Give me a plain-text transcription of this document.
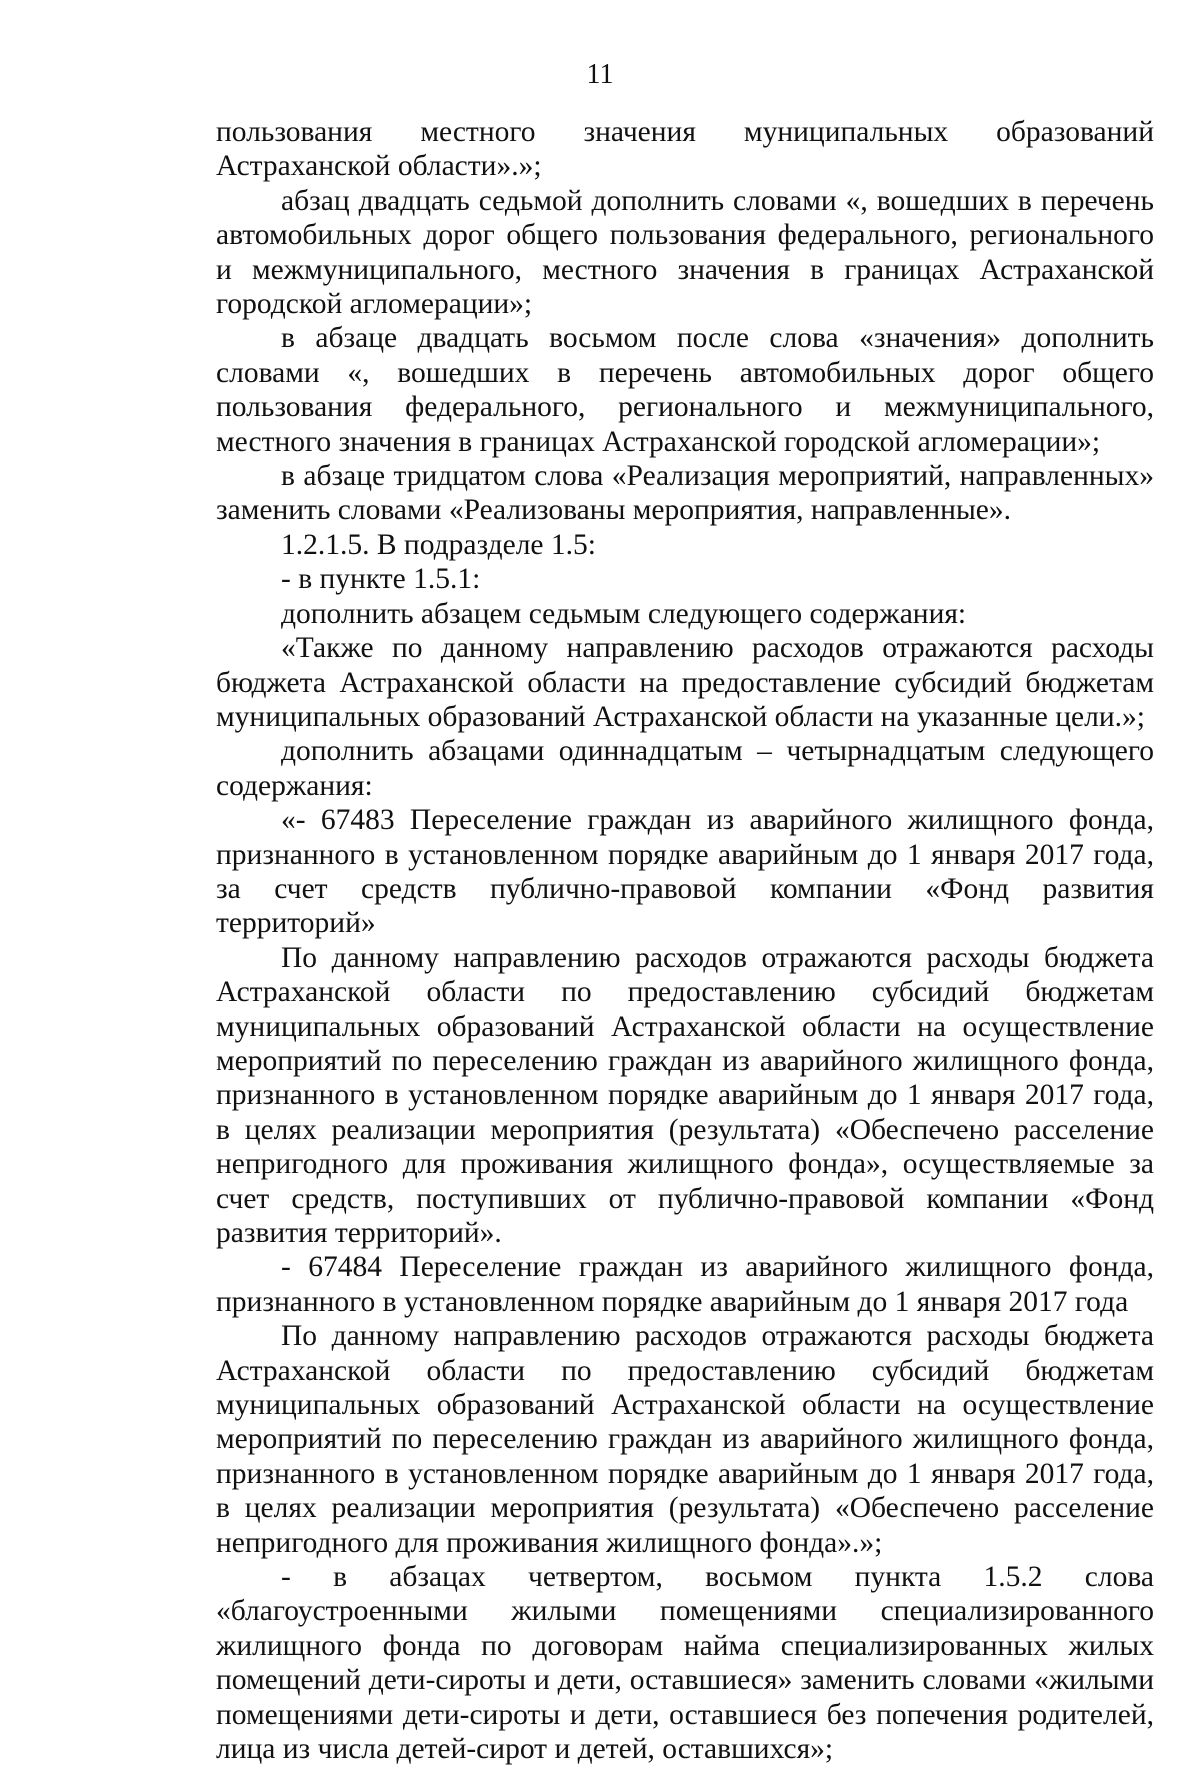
11

пользования местного значения муниципальных образований Астраханской области».»;

абзац двадцать седьмой дополнить словами «, вошедших в перечень автомобильных дорог общего пользования федерального, регионального и межмуниципального, местного значения в границах Астраханской городской агломерации»;

в абзаце двадцать восьмом после слова «значения» дополнить словами «, вошедших в перечень автомобильных дорог общего пользования федерального, регионального и межмуниципального, местного значения в границах Астраханской городской агломерации»;

в абзаце тридцатом слова «Реализация мероприятий, направленных» заменить словами «Реализованы мероприятия, направленные».

1.2.1.5. В подразделе 1.5:

- в пункте 1.5.1:

дополнить абзацем седьмым следующего содержания:

«Также по данному направлению расходов отражаются расходы бюджета Астраханской области на предоставление субсидий бюджетам муниципальных образований Астраханской области на указанные цели.»;

дополнить абзацами одиннадцатым – четырнадцатым следующего содержания:

«- 67483 Переселение граждан из аварийного жилищного фонда, признанного в установленном порядке аварийным до 1 января 2017 года, за счет средств публично-правовой компании «Фонд развития территорий»

По данному направлению расходов отражаются расходы бюджета Астраханской области по предоставлению субсидий бюджетам муниципальных образований Астраханской области на осуществление мероприятий по переселению граждан из аварийного жилищного фонда, признанного в установленном порядке аварийным до 1 января 2017 года, в целях реализации мероприятия (результата) «Обеспечено расселение непригодного для проживания жилищного фонда», осуществляемые за счет средств, поступивших от публично-правовой компании «Фонд развития территорий».

- 67484 Переселение граждан из аварийного жилищного фонда, признанного в установленном порядке аварийным до 1 января 2017 года

По данному направлению расходов отражаются расходы бюджета Астраханской области по предоставлению субсидий бюджетам муниципальных образований Астраханской области на осуществление мероприятий по переселению граждан из аварийного жилищного фонда, признанного в установленном порядке аварийным до 1 января 2017 года, в целях реализации мероприятия (результата) «Обеспечено расселение непригодного для проживания жилищного фонда».»;

- в абзацах четвертом, восьмом пункта 1.5.2 слова «благоустроенными жилыми помещениями специализированного жилищного фонда по договорам найма специализированных жилых помещений дети-сироты и дети, оставшиеся» заменить словами «жилыми помещениями дети-сироты и дети, оставшиеся без попечения родителей, лица из числа детей-сирот и детей, оставшихся»;
